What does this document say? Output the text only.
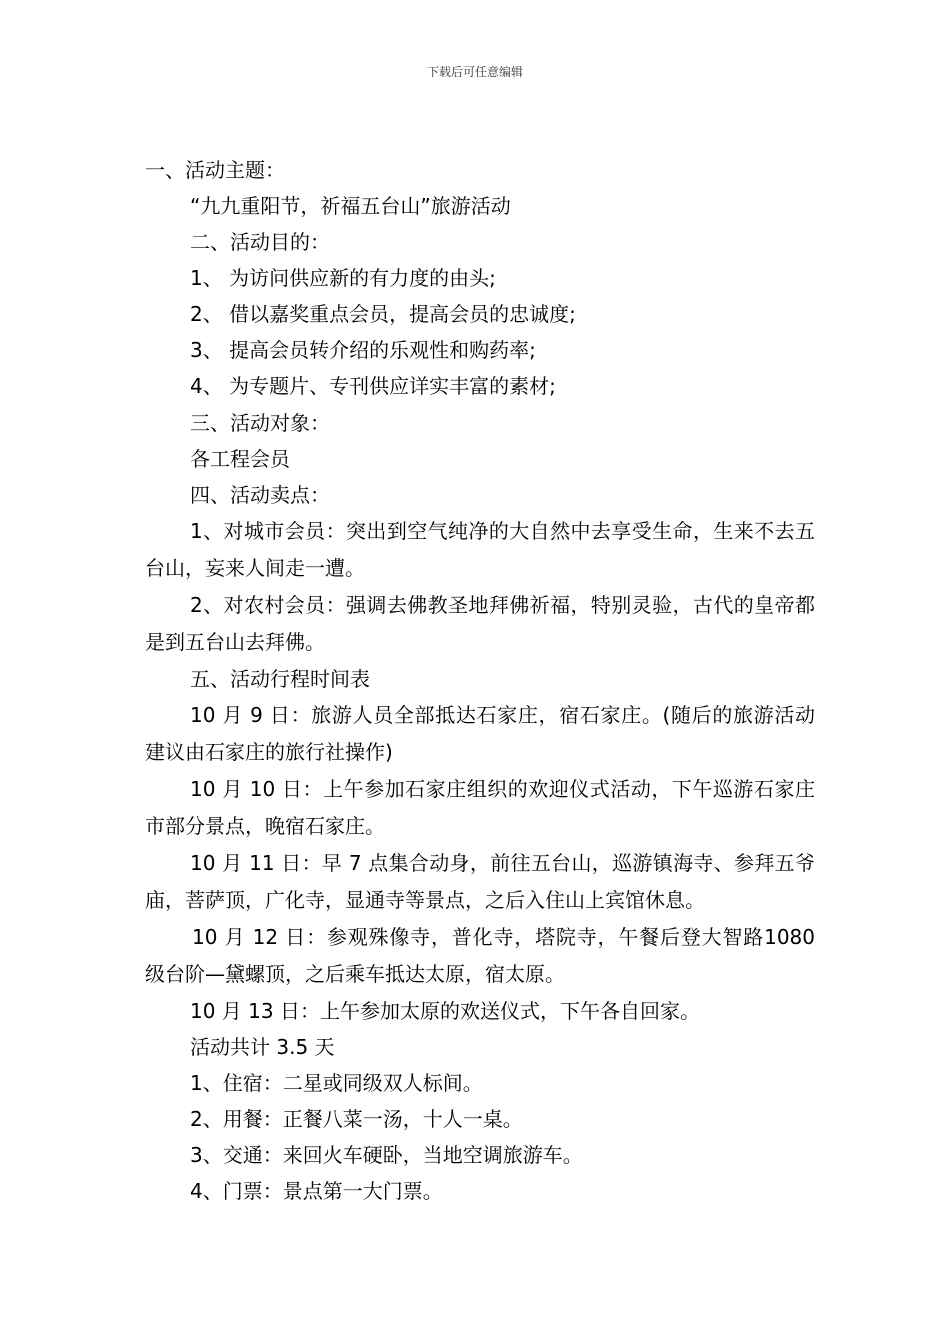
下载后可任意编辑
一、活动主题：
“九九重阳节，祈福五台山”旅游活动
二、活动目的：
1、 为访问供应新的有力度的由头;
2、 借以嘉奖重点会员，提高会员的忠诚度;
3、 提高会员转介绍的乐观性和购药率;
4、 为专题片、专刊供应详实丰富的素材;
三、活动对象：
各工程会员
四、活动卖点：
1、对城市会员：突出到空气纯净的大自然中去享受生命，生来不去五台山，妄来人间走一遭。
2、对农村会员：强调去佛教圣地拜佛祈福，特别灵验，古代的皇帝都是到五台山去拜佛。
五、活动行程时间表
10 月 9 日：旅游人员全部抵达石家庄，宿石家庄。(随后的旅游活动建议由石家庄的旅行社操作)
10 月 10 日：上午参加石家庄组织的欢迎仪式活动，下午巡游石家庄市部分景点，晚宿石家庄。
10 月 11 日：早 7 点集合动身，前往五台山，巡游镇海寺、参拜五爷庙，菩萨顶，广化寺，显通寺等景点，之后入住山上宾馆休息。
10 月 12 日：参观殊像寺，普化寺，塔院寺，午餐后登大智路1080 级台阶—黛螺顶，之后乘车抵达太原，宿太原。
10 月 13 日：上午参加太原的欢送仪式，下午各自回家。
活动共计 3.5 天
1、住宿：二星或同级双人标间。
2、用餐：正餐八菜一汤，十人一桌。
3、交通：来回火车硬卧，当地空调旅游车。
4、门票：景点第一大门票。
